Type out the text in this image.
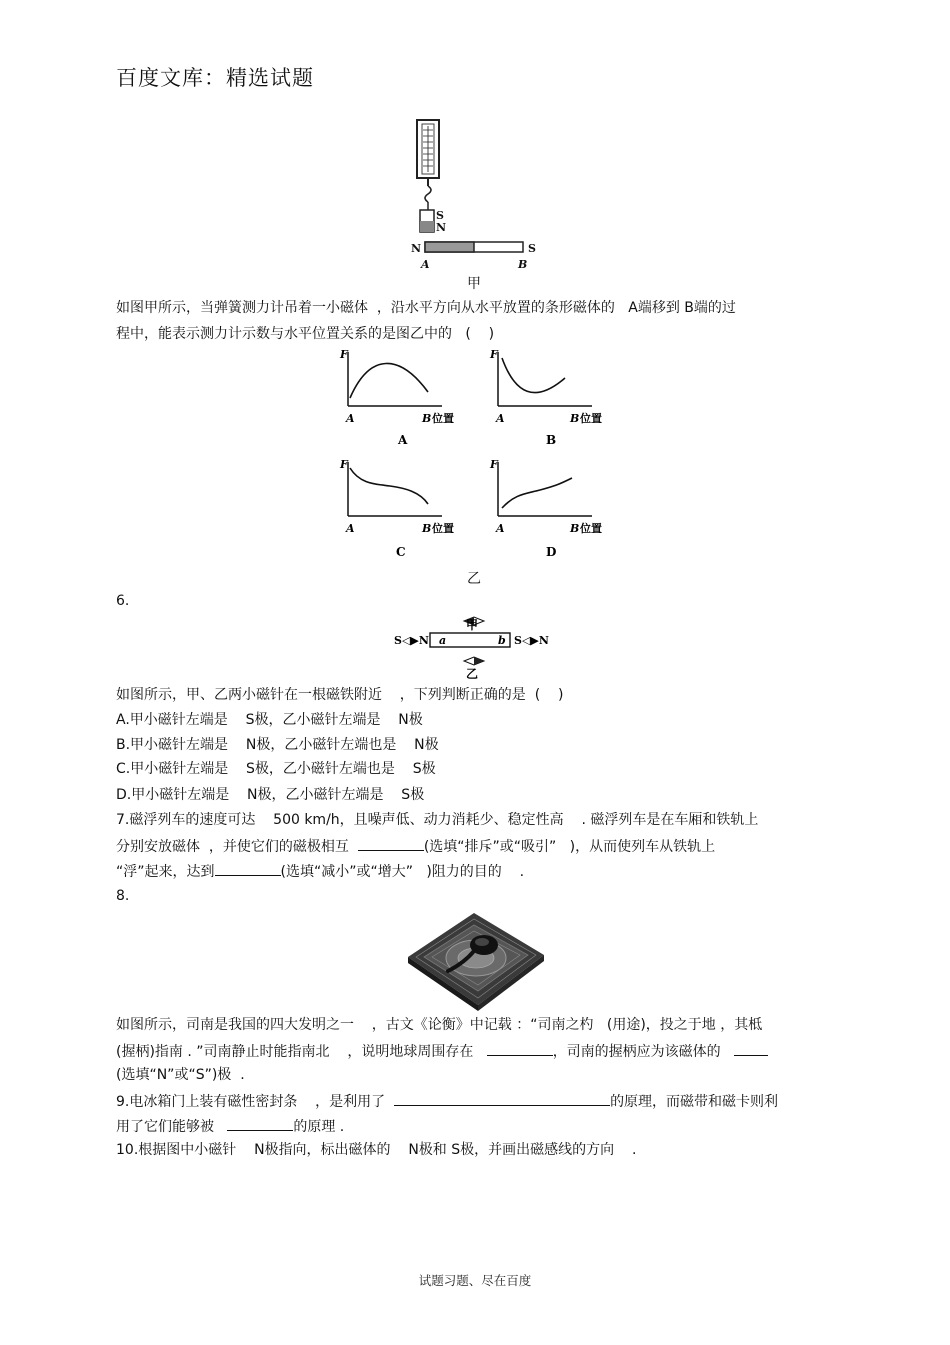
百度文库：精选试题
S
N
N	S
A	B
甲
如图甲所示，当弹簧测力计吊着一小磁体  ，沿水平方向从水平放置的条形磁体的   A端移到 B端的过
程中，能表示测力计示数与水平位置关系的是图乙中的   (    )
F
A	B 位置
A
F
A	B 位置
B
F
A	B 位置
C
F
A	B 位置
D
乙
6.
甲
S◁▶N a	b S◁▶N
乙
如图所示，甲、乙两小磁针在一根磁铁附近    ，下列判断正确的是  (    )
A.甲小磁针左端是    S极，乙小磁针左端是    N极
B.甲小磁针左端是    N极，乙小磁针左端也是    N极
C.甲小磁针左端是    S极，乙小磁针左端也是    S极
D.甲小磁针左端是    N极，乙小磁针左端是    S极
7.磁浮列车的速度可达    500 km/h，且噪声低、动力消耗少、稳定性高    . 磁浮列车是在车厢和铁轨上
分别安放磁体  ，并使它们的磁极相互	(选填“排斥”或“吸引”   )，从而使列车从铁轨上
“浮”起来，达到	(选填“减小”或“增大”   )阻力的目的    .
8.
如图所示，司南是我国的四大发明之一    ，古文《论衡》中记载 ：“司南之杓   (用途)，投之于地 ，其柢
(握柄)指南 . ”司南静止时能指南北    ，说明地球周围存在	，司南的握柄应为该磁体的
(选填“N”或“S”)极  .
9.电冰箱门上装有磁性密封条    ，是利用了	的原理，而磁带和磁卡则利
用了它们能够被	的原理 .
10.根据图中小磁针    N极指向，标出磁体的    N极和 S极，并画出磁感线的方向    .
试题习题、尽在百度
